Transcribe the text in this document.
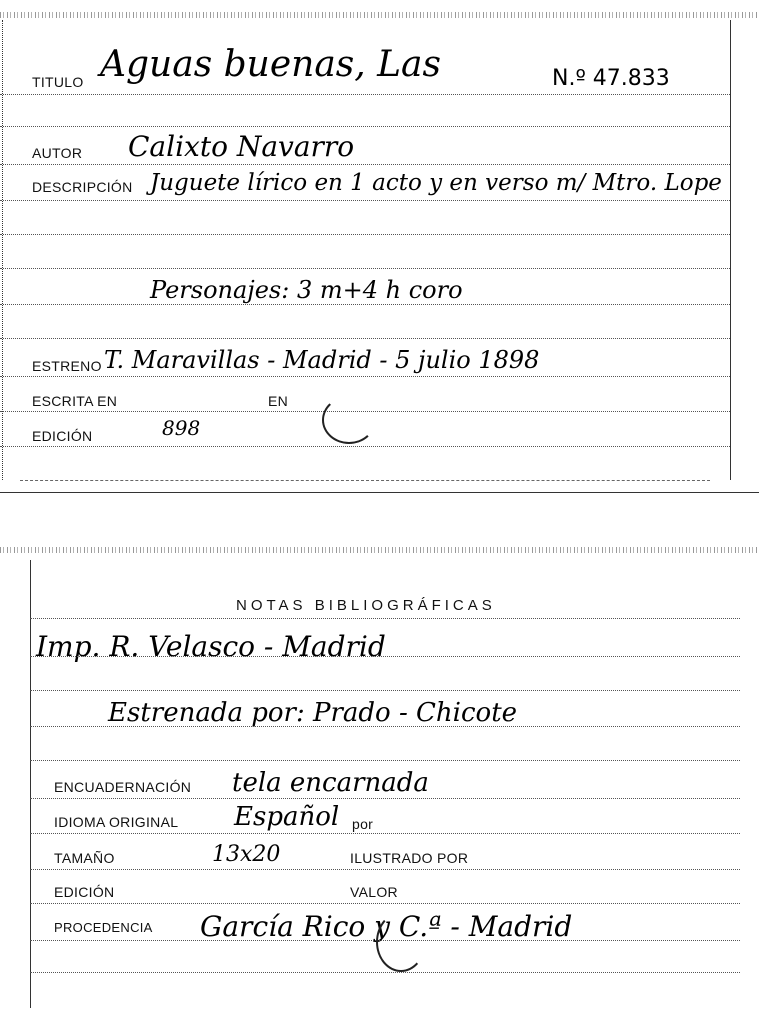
TITULO Aguas buenas, Las	N.º 47.833
AUTOR Calixto Navarro
DESCRIPCIÓN Juguete lírico en 1 acto y en verso m/ Mtro. Lope
Personajes: 3 m+4 h coro
ESTRENO T. Maravillas - Madrid - 5 julio 1898
ESCRITA EN	EN
EDICIÓN	898
NOTAS BIBLIOGRÁFICAS
Imp. R. Velasco - Madrid
Estrenada por: Prado - Chicote
ENCUADERNACIÓN tela encarnada
IDIOMA ORIGINAL Español por
TAMAÑO	13x20	ILUSTRADO POR
EDICIÓN	VALOR
PROCEDENCIA García Rico y C.ª - Madrid
